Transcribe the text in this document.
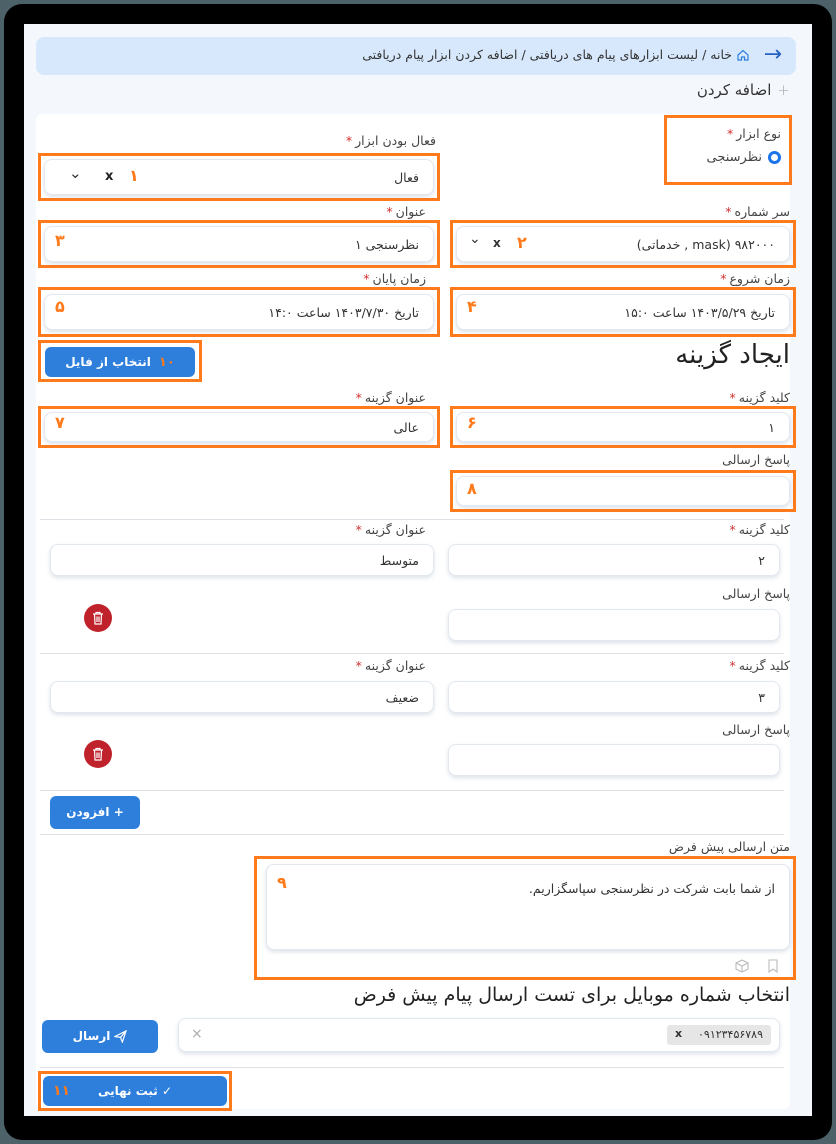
→
خانه / لیست ابزارهای پیام های دریافتی / اضافه کردن ابزار پیام دریافتی
+اضافه کردن
نوع ابزار*
نظرسنجی
فعال بودن ابزار*
فعال
١
x
⌄
سر شماره*
عنوان*
۹۸۲۰۰۰ (mask , خدماتی)
٢
x
⌄
نظرسنجی ۱
٣
زمان شروع*
زمان پایان*
تاریخ ۱۴۰۳/۵/۲۹ ساعت ۱۵:۰
۴
تاریخ ۱۴۰۳/۷/۳۰ ساعت ۱۴:۰
۵
ایجاد گزینه
۱۰انتخاب از فایل
کلید گزینه*
عنوان گزینه*
۱
۶
عالی
۷
پاسخ ارسالی
۸
کلید گزینه*
عنوان گزینه*
۲
متوسط
پاسخ ارسالی
کلید گزینه*
عنوان گزینه*
۳
ضعیف
پاسخ ارسالی
+ افزودن
متن ارسالی پیش فرض
از شما بابت شرکت در نظرسنجی سپاسگزاریم.
۹
انتخاب شماره موبایل برای تست ارسال پیام پیش فرض
۰۹۱۲۳۴۵۶۷۸۹
x
×
ارسال
✓ ثبت نهایی
۱۱
